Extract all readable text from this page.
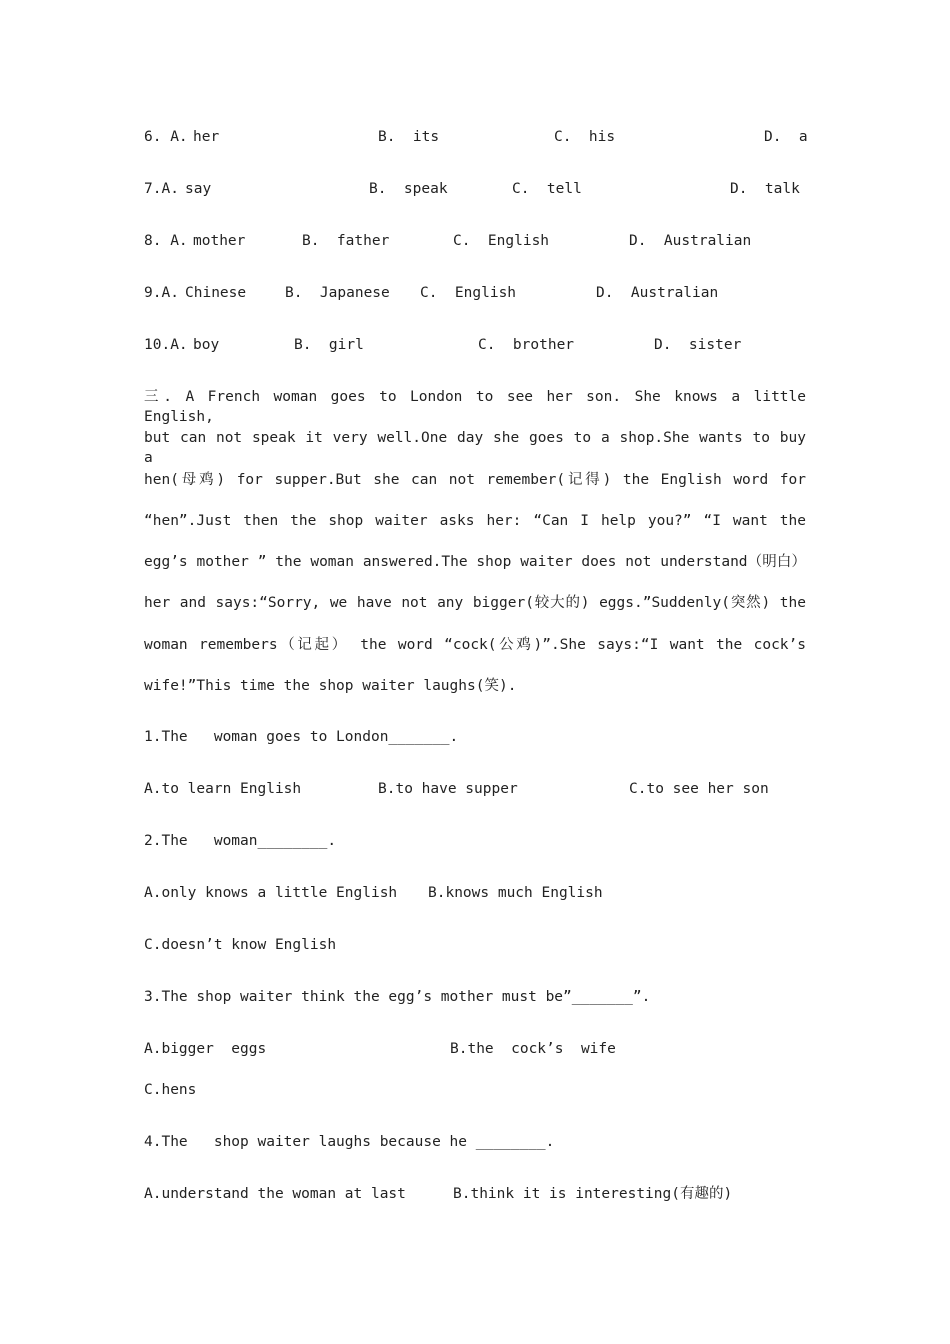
6. A.

her

	B.  its

	C.  his

	D.  a

7.A.

say

	B.  speak

	C.  tell

	D.  talk

8. A.

mother

	B.  father

	C.  English

	D.  Australian

9.A.

Chinese

	B.  Japanese

C.  English

	D.  Australian

10.A.

boy

	B.  girl

	C.  brother

	D.  sister

三. A French woman goes to London to see her son. She knows a little English,
but can not speak it very well.One day she goes to a shop.She wants to buy a
hen(母鸡) for supper.But she can not remember(记得) the English word for
“hen”.Just then the shop waiter asks her: “Can I help you?” “I want the
egg’s mother ” the woman answered.The shop waiter does not understand（明白）
her and says:“Sorry, we have not any bigger(较大的) eggs.”Suddenly(突然) the
woman remembers（记起） the word “cock(公鸡)”.She says:“I want the cock’s
wife!”This time the shop waiter laughs(笑).
1.The   woman goes to London_______.

A.to learn English

	B.to have supper

	C.to see her son

2.The   woman________.

A.only knows a little English

B.knows much English

C.doesn’t know English
3.The shop waiter think the egg’s mother must be”_______”.

A.bigger  eggs

	B.the  cock’s  wife

C.hens
4.The   shop waiter laughs because he ________.

A.understand the woman at last

	B.think it is interesting(有趣的)
